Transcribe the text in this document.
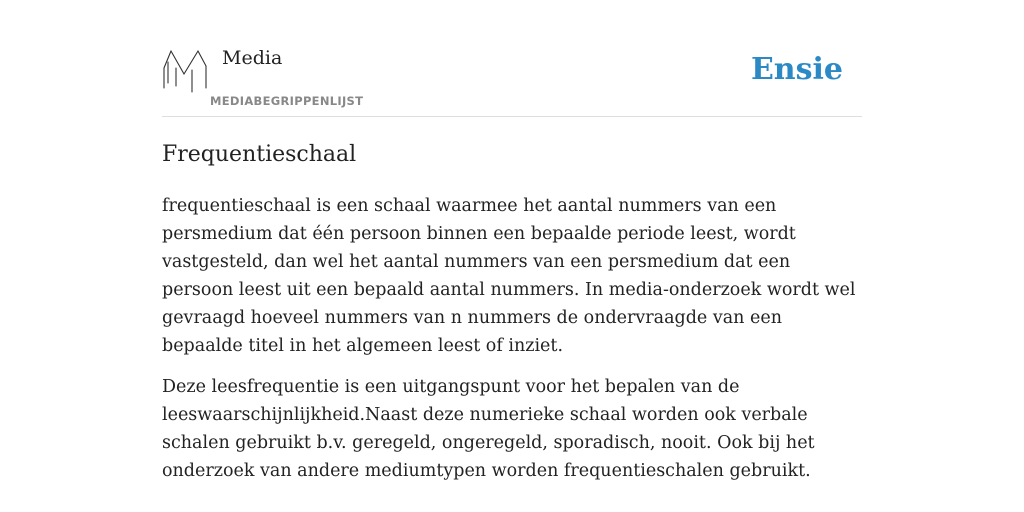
Media
MEDIABEGRIPPENLIJST
Ensie
Frequentieschaal

frequentieschaal is een schaal waarmee het aantal nummers van een persmedium dat één persoon binnen een bepaalde periode leest, wordt vastgesteld, dan wel het aantal nummers van een persmedium dat een persoon leest uit een bepaald aantal nummers. In media-onderzoek wordt wel gevraagd hoeveel nummers van n nummers de ondervraagde van een bepaalde titel in het algemeen leest of inziet.

Deze leesfrequentie is een uitgangspunt voor het bepalen van de leeswaarschijnlijkheid.Naast deze numerieke schaal worden ook verbale schalen gebruikt b.v. geregeld, ongeregeld, sporadisch, nooit. Ook bij het onderzoek van andere mediumtypen worden frequentieschalen gebruikt.
